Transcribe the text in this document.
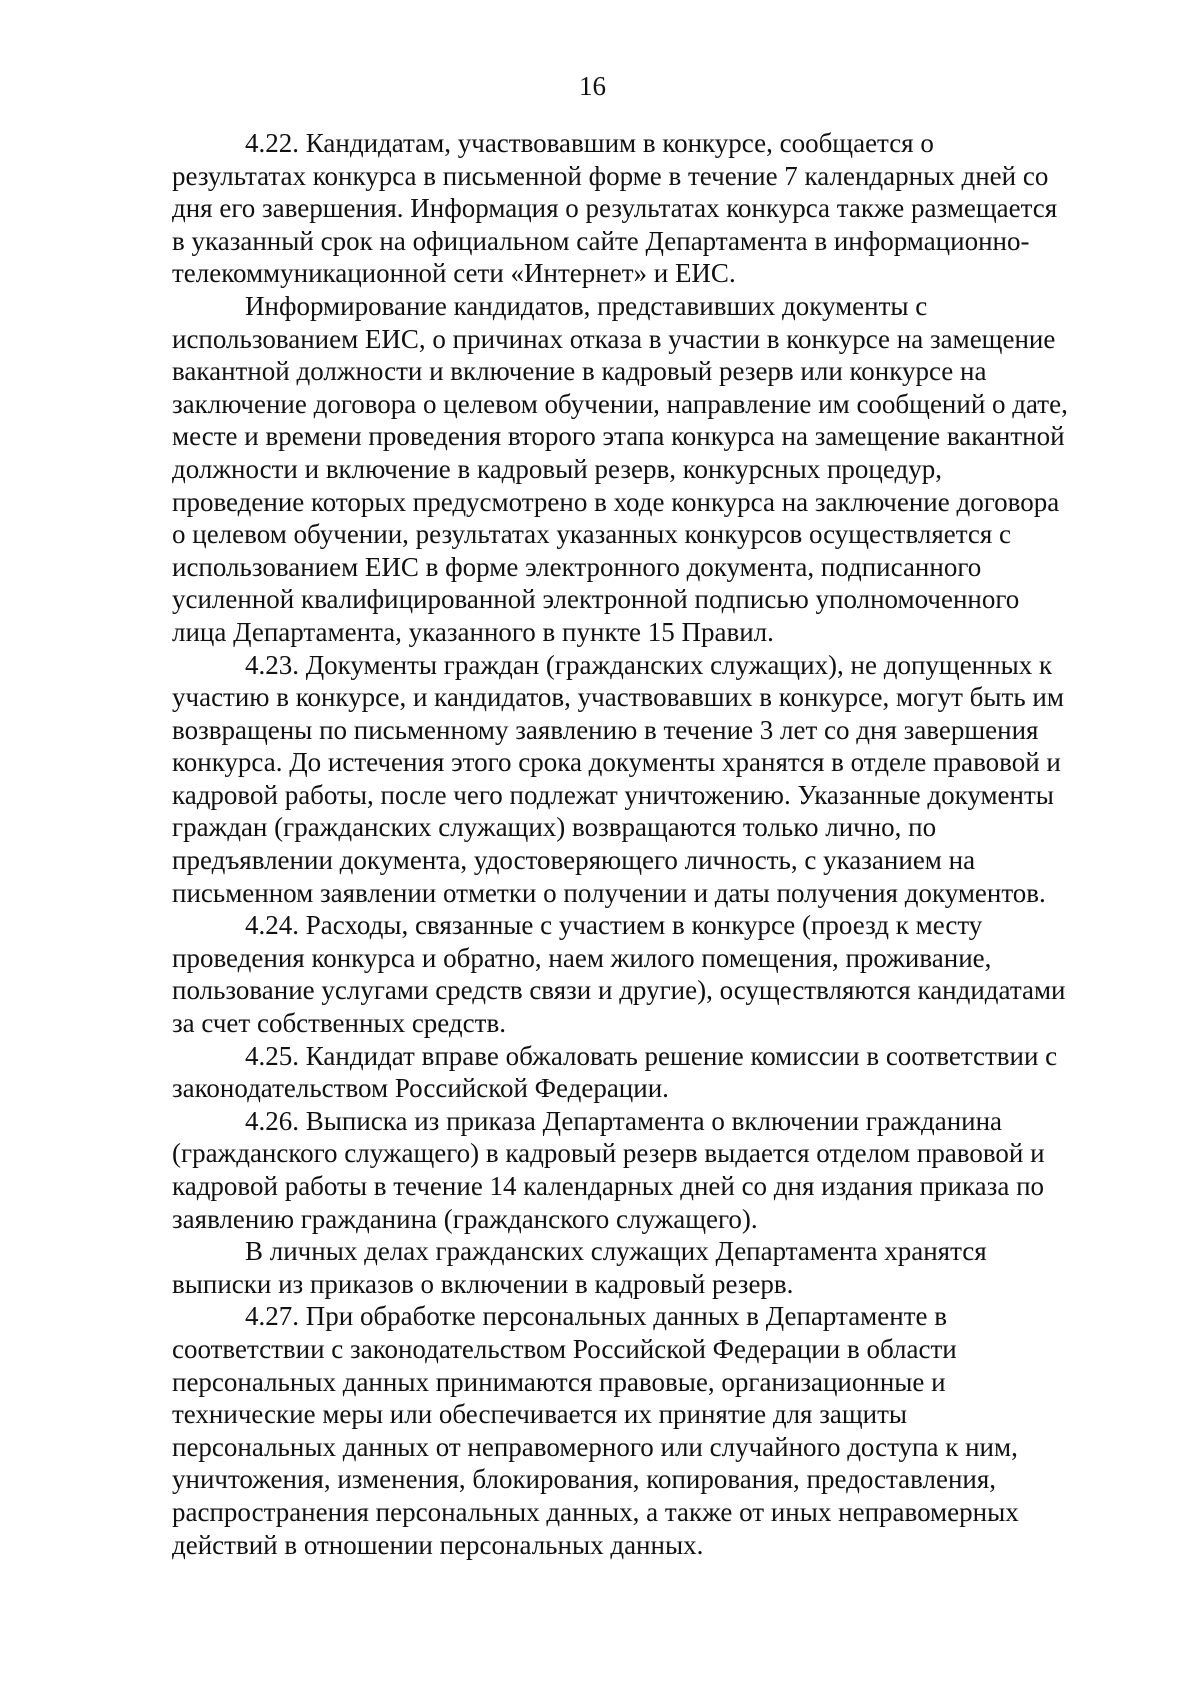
16

4.22. Кандидатам, участвовавшим в конкурсе, сообщается о
результатах конкурса в письменной форме в течение 7 календарных дней со
дня его завершения. Информация о результатах конкурса также размещается
в указанный срок на официальном сайте Департамента в информационно-
телекоммуникационной сети «Интернет» и ЕИС.

Информирование кандидатов, представивших документы с
использованием ЕИС, о причинах отказа в участии в конкурсе на замещение
вакантной должности и включение в кадровый резерв или конкурсе на
заключение договора о целевом обучении, направление им сообщений о дате,
месте и времени проведения второго этапа конкурса на замещение вакантной
должности и включение в кадровый резерв, конкурсных процедур,
проведение которых предусмотрено в ходе конкурса на заключение договора
о целевом обучении, результатах указанных конкурсов осуществляется с
использованием ЕИС в форме электронного документа, подписанного
усиленной квалифицированной электронной подписью уполномоченного
лица Департамента, указанного в пункте 15 Правил.

4.23. Документы граждан (гражданских служащих), не допущенных к
участию в конкурсе, и кандидатов, участвовавших в конкурсе, могут быть им
возвращены по письменному заявлению в течение 3 лет со дня завершения
конкурса. До истечения этого срока документы хранятся в отделе правовой и
кадровой работы, после чего подлежат уничтожению. Указанные документы
граждан (гражданских служащих) возвращаются только лично, по
предъявлении документа, удостоверяющего личность, с указанием на
письменном заявлении отметки о получении и даты получения документов.

4.24. Расходы, связанные с участием в конкурсе (проезд к месту
проведения конкурса и обратно, наем жилого помещения, проживание,
пользование услугами средств связи и другие), осуществляются кандидатами
за счет собственных средств.

4.25. Кандидат вправе обжаловать решение комиссии в соответствии с
законодательством Российской Федерации.

4.26. Выписка из приказа Департамента о включении гражданина
(гражданского служащего) в кадровый резерв выдается отделом правовой и
кадровой работы в течение 14 календарных дней со дня издания приказа по
заявлению гражданина (гражданского служащего).

В личных делах гражданских служащих Департамента хранятся
выписки из приказов о включении в кадровый резерв.

4.27. При обработке персональных данных в Департаменте в
соответствии с законодательством Российской Федерации в области
персональных данных принимаются правовые, организационные и
технические меры или обеспечивается их принятие для защиты
персональных данных от неправомерного или случайного доступа к ним,
уничтожения, изменения, блокирования, копирования, предоставления,
распространения персональных данных, а также от иных неправомерных
действий в отношении персональных данных.
